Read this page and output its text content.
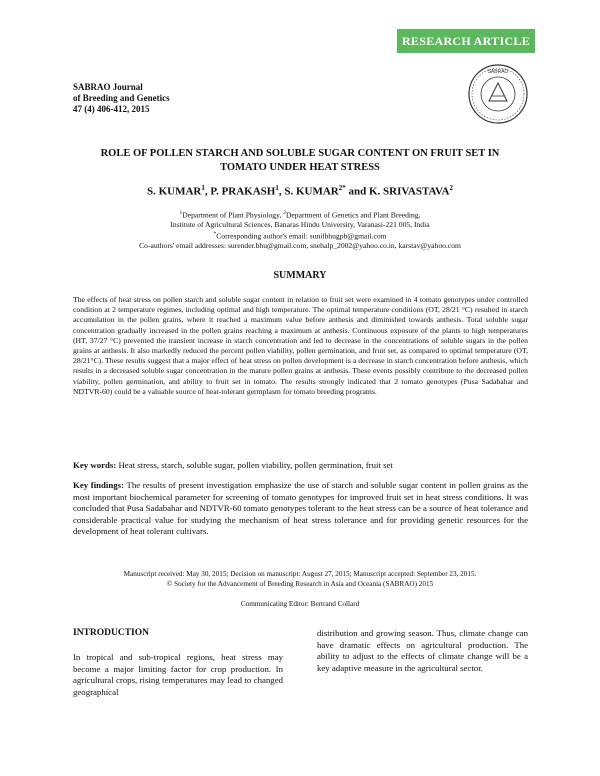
RESEARCH ARTICLE
SABRAO Journal
of Breeding and Genetics
47 (4) 406-412, 2015
SABRAO
ROLE OF POLLEN STARCH AND SOLUBLE SUGAR CONTENT ON FRUIT SET IN
TOMATO UNDER HEAT STRESS
S. KUMAR$^1$, P. PRAKASH$^1$, S. $KUMAR^{2*}$ and K. SRIVASTAVA$^2$
$^1$Department of Plant Physiology, $^2$Department of Genetics and Plant Breeding,
Institute of Agricultural Sciences, Banaras Hindu University, Varanasi-221 005, India
*Corresponding author's email: sunilbhugpb@gmail.com
Co-authors' email addresses: surender.bhu@gmail.com, snehalp_2002@yahoo.co.in, karstav@yahoo.com
SUMMARY
The effects of heat stress on pollen starch and soluble sugar content in relation to fruit set were examined in 4 tomato genotypes under controlled condition at 2 temperature regimes, including optimal and high temperature. The optimal temperature conditions (OT, 28/21 °C) resulted in starch accumulation in the pollen grains, where it reached a maximum value before anthesis and diminished towards anthesis. Total soluble sugar concentration gradually increased in the pollen grains reaching a maximum at anthesis. Continuous exposure of the plants to high temperatures (HT, 37/27 °C) prevented the transient increase in starch concentration and led to decrease in the concentrations of soluble sugars in the pollen grains at anthesis. It also markedly reduced the percent pollen viability, pollen germination, and fruit set, as compared to optimal temperature (OT, 28/21°C). These results suggest that a major effect of heat stress on pollen development is a decrease in starch concentration before anthesis, which results in a decreased soluble sugar concentration in the mature pollen grains at anthesis. These events possibly contribute to the decreased pollen viability, pollen germination, and ability to fruit set in tomato. The results strongly indicated that 2 tomato genotypes (Pusa Sadabahar and NDTVR-60) could be a valuable source of heat-tolerant germplasm for tomato breeding programs.
Key words: Heat stress, starch, soluble sugar, pollen viability, pollen germination, fruit set
Key findings: The results of present investigation emphasize the use of starch and soluble sugar content in pollen grains as the most important biochemical parameter for screening of tomato genotypes for improved fruit set in heat stress conditions. It was concluded that Pusa Sadabahar and NDTVR-60 tomato genotypes tolerant to the heat stress can be a source of heat tolerance and considerable practical value for studying the mechanism of heat stress tolerance and for providing genetic resources for the development of heat tolerant cultivars.
Manuscript received: May 30, 2015; Decision on manuscript: August 27, 2015; Manuscript accepted: September 23, 2015.
© Society for the Advancement of Breeding Research in Asia and Oceania (SABRAO) 2015
Communicating Editor: Bertrand Collard
INTRODUCTION
In tropical and sub-tropical regions, heat stress may become a major limiting factor for crop production. In agricultural crops, rising temperatures may lead to changed geographical
distribution and growing season. Thus, climate change can have dramatic effects on agricultural production. The ability to adjust to the effects of climate change will be a key adaptive measure in the agricultural sector.
